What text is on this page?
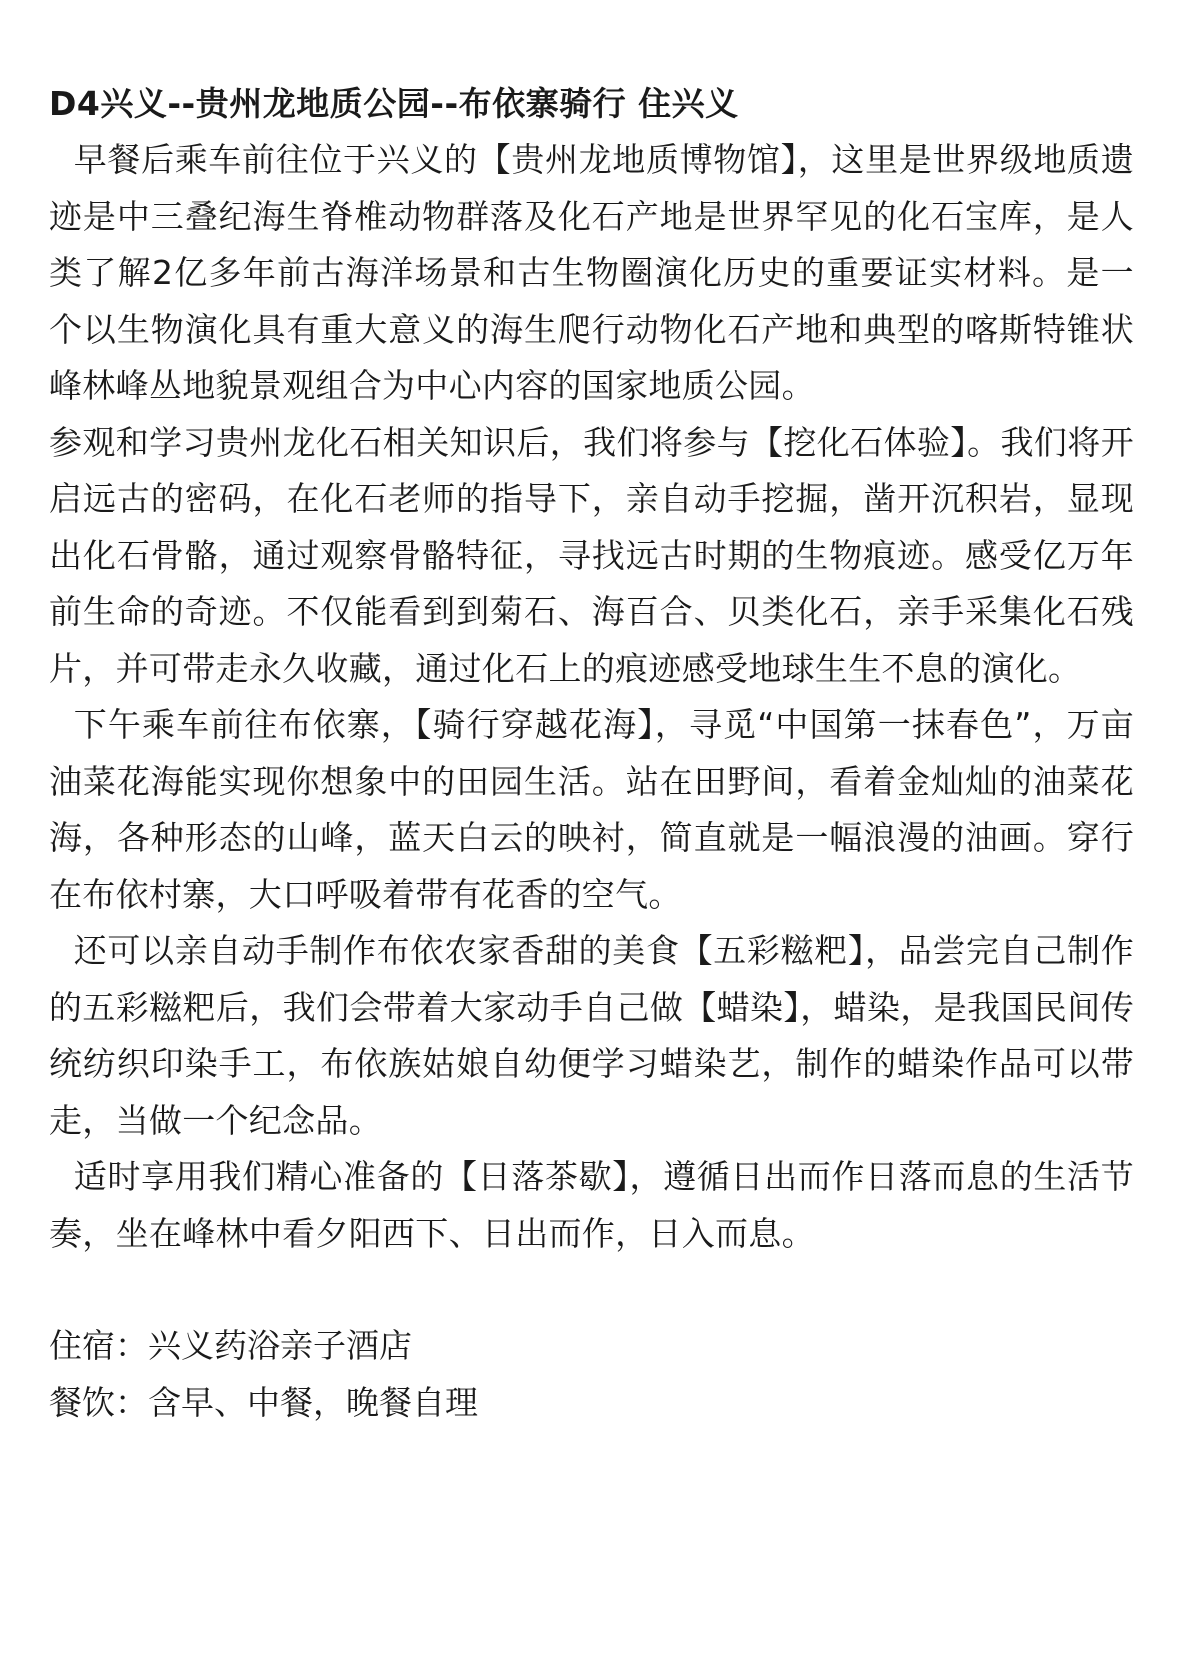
D4兴义--贵州龙地质公园--布依寨骑行 住兴义

早餐后乘车前往位于兴义的【贵州龙地质博物馆】，这里是世界级地质遗迹是中三叠纪海生脊椎动物群落及化石产地是世界罕见的化石宝库，是人类了解2亿多年前古海洋场景和古生物圈演化历史的重要证实材料。是一个以生物演化具有重大意义的海生爬行动物化石产地和典型的喀斯特锥状峰林峰丛地貌景观组合为中心内容的国家地质公园。

参观和学习贵州龙化石相关知识后，我们将参与【挖化石体验】。我们将开启远古的密码，在化石老师的指导下，亲自动手挖掘，凿开沉积岩，显现出化石骨骼，通过观察骨骼特征，寻找远古时期的生物痕迹。感受亿万年前生命的奇迹。不仅能看到到菊石、海百合、贝类化石，亲手采集化石残片，并可带走永久收藏，通过化石上的痕迹感受地球生生不息的演化。

下午乘车前往布依寨，【骑行穿越花海】，寻觅“中国第一抹春色”，万亩油菜花海能实现你想象中的田园生活。站在田野间，看着金灿灿的油菜花海，各种形态的山峰，蓝天白云的映衬，简直就是一幅浪漫的油画。穿行在布依村寨，大口呼吸着带有花香的空气。

还可以亲自动手制作布依农家香甜的美食【五彩糍粑】，品尝完自己制作的五彩糍粑后，我们会带着大家动手自己做【蜡染】，蜡染，是我国民间传统纺织印染手工，布依族姑娘自幼便学习蜡染艺，制作的蜡染作品可以带走，当做一个纪念品。

适时享用我们精心准备的【日落茶歇】，遵循日出而作日落而息的生活节奏，坐在峰林中看夕阳西下、日出而作，日入而息。

住宿：兴义药浴亲子酒店

餐饮：含早、中餐，晚餐自理
